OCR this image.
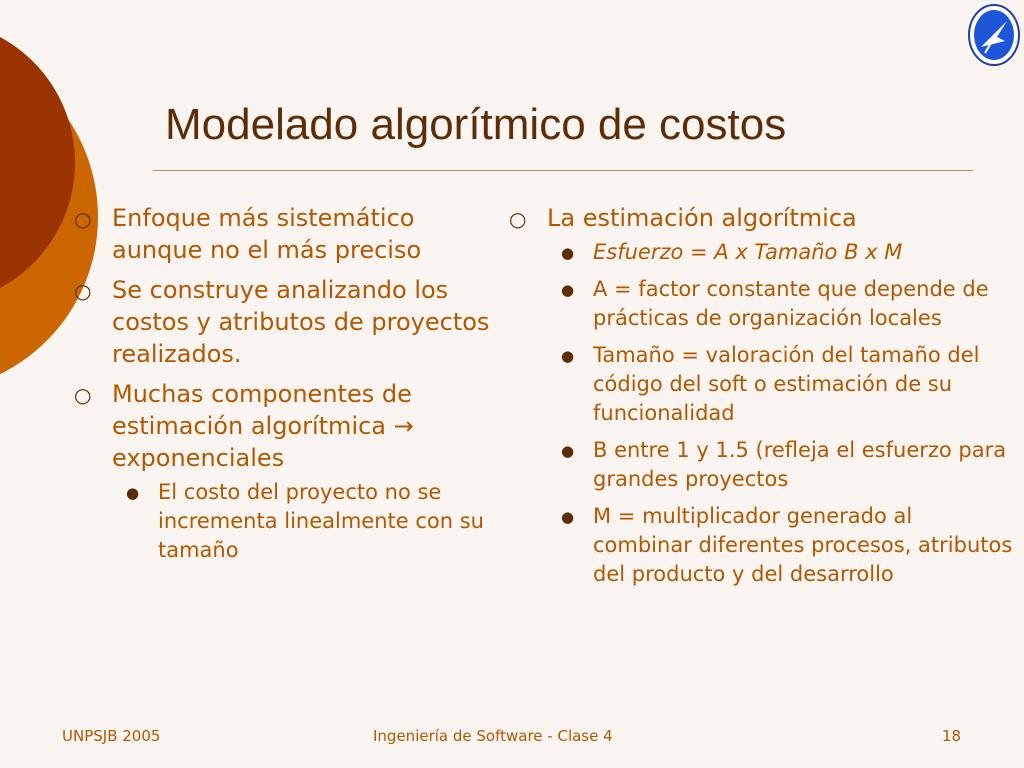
Modelado algorítmico de costos
○ Enfoque más sistemático aunque no el más preciso
○ Se construye analizando los costos y atributos de proyectos realizados.
○ Muchas componentes de estimación algorítmica → exponenciales
● El costo del proyecto no se incrementa linealmente con su tamaño
○ La estimación algorítmica
● Esfuerzo = A x Tamaño B x M
● A = factor constante que depende de prácticas de organización locales
● Tamaño = valoración del tamaño del código del soft o estimación de su funcionalidad
● B entre 1 y 1.5 (refleja el esfuerzo para grandes proyectos
● M = multiplicador generado al combinar diferentes procesos, atributos del producto y del desarrollo
UNPSJB 2005	Ingeniería de Software - Clase 4	18
